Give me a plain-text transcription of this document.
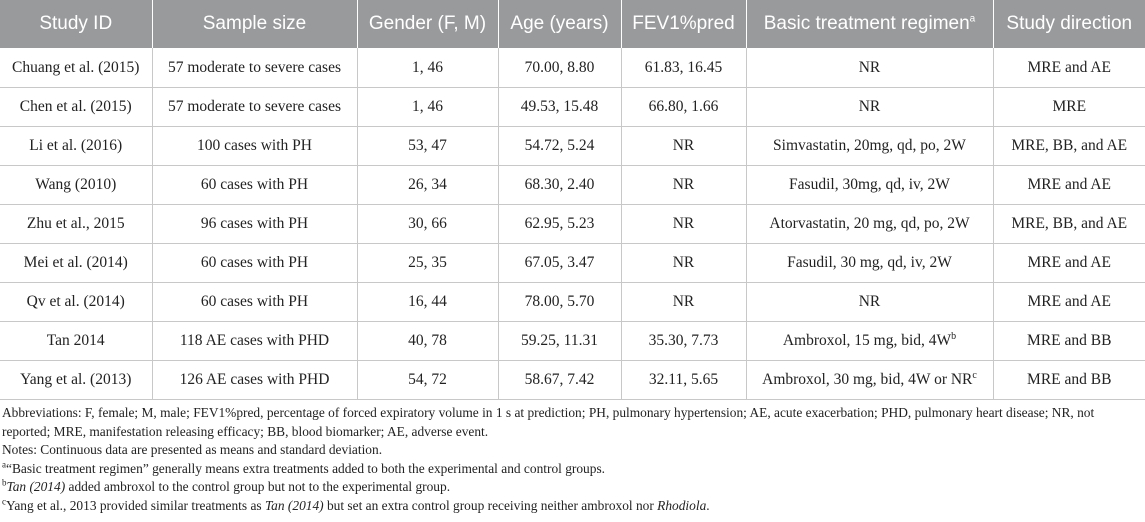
Study ID	Sample size	Gender (F, M)	Age (years)	FEV1%pred	Basic treatment regimen$^a$	Study direction
Chuang et al. (2015)	57 moderate to severe cases	1, 46	70.00, 8.80	61.83, 16.45	NR	MRE and AE
Chen et al. (2015)	57 moderate to severe cases	1, 46	49.53, 15.48	66.80, 1.66	NR	MRE
Li et al. (2016)	100 cases with PH	53, 47	54.72, 5.24	NR	Simvastatin, 20mg, qd, po, 2W	MRE, BB, and AE
Wang (2010)	60 cases with PH	26, 34	68.30, 2.40	NR	Fasudil, 30mg, qd, iv, 2W	MRE and AE
Zhu et al., 2015	96 cases with PH	30, 66	62.95, 5.23	NR	Atorvastatin, 20 mg, qd, po, 2W	MRE, BB, and AE
Mei et al. (2014)	60 cases with PH	25, 35	67.05, 3.47	NR	Fasudil, 30 mg, qd, iv, 2W	MRE and AE
Qv et al. (2014)	60 cases with PH	16, 44	78.00, 5.70	NR	NR	MRE and AE
Tan 2014	118 AE cases with PHD	40, 78	59.25, 11.31	35.30, 7.73	Ambroxol, 15 mg, bid, $4W^b$	MRE and BB
Yang et al. (2013)	126 AE cases with PHD	54, 72	58.67, 7.42	32.11, 5.65	Ambroxol, 30 mg, bid, 4W or $NR^c$	MRE and BB

Abbreviations: F, female; M, male; FEV1%pred, percentage of forced expiratory volume in 1 s at prediction; PH, pulmonary hypertension; AE, acute exacerbation; PHD, pulmonary heart disease; NR, not reported; MRE, manifestation releasing efficacy; BB, blood biomarker; AE, adverse event.

Notes: Continuous data are presented as means and standard deviation.

$^a$“Basic treatment regimen” generally means extra treatments added to both the experimental and control groups.

$^b$Tan (2014) added ambroxol to the control group but not to the experimental group.

$^c$Yang et al., 2013 provided similar treatments as Tan (2014) but set an extra control group receiving neither ambroxol nor Rhodiola.
